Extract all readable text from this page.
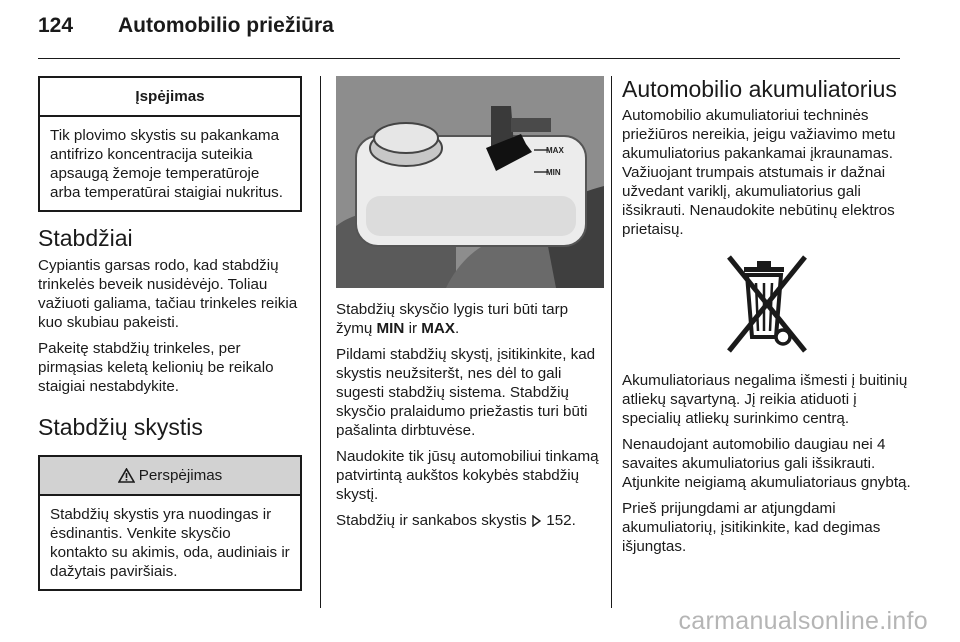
124	Automobilio priežiūra
Įspėjimas

Tik plovimo skystis su pakankama antifrizo koncentracija suteikia apsaugą žemoje temperatūroje arba temperatūrai staigiai nukritus.

Stabdžiai

Cypiantis garsas rodo, kad stabdžių trinkelės beveik nusidėvėjo. Toliau važiuoti galiama, tačiau trinkeles reikia kuo skubiau pakeisti.

Pakeitę stabdžių trinkeles, per pirmąsias keletą kelionių be reikalo staigiai nestabdykite.

Stabdžių skystis
Perspėjimas

Stabdžių skystis yra nuodingas ir ėsdinantis. Venkite skysčio kontakto su akimis, oda, audiniais ir dažytais paviršiais.

MAX
MIN

Stabdžių skysčio lygis turi būti tarp žymų MIN ir MAX.

Pildami stabdžių skystį, įsitikinkite, kad skystis neužsiteršt, nes dėl to gali sugesti stabdžių sistema. Stabdžių skysčio pralaidumo priežastis turi būti pašalinta dirbtuvėse.

Naudokite tik jūsų automobiliui tinkamą patvirtintą aukštos kokybės stabdžių skystį.

Stabdžių ir sankabos skystis 152.

Automobilio akumuliatorius

Automobilio akumuliatoriui techninės priežiūros nereikia, jeigu važiavimo metu akumuliatorius pakankamai įkraunamas. Važiuojant trumpais atstumais ir dažnai užvedant variklį, akumuliatorius gali išsikrauti. Nenaudokite nebūtinų elektros prietaisų.

Akumuliatoriaus negalima išmesti į buitinių atliekų sąvartyną. Jį reikia atiduoti į specialių atliekų surinkimo centrą.

Nenaudojant automobilio daugiau nei 4 savaites akumuliatorius gali išsikrauti. Atjunkite neigiamą akumuliatoriaus gnybtą.

Prieš prijungdami ar atjungdami akumuliatorių, įsitikinkite, kad degimas išjungtas.

carmanualsonline.info
